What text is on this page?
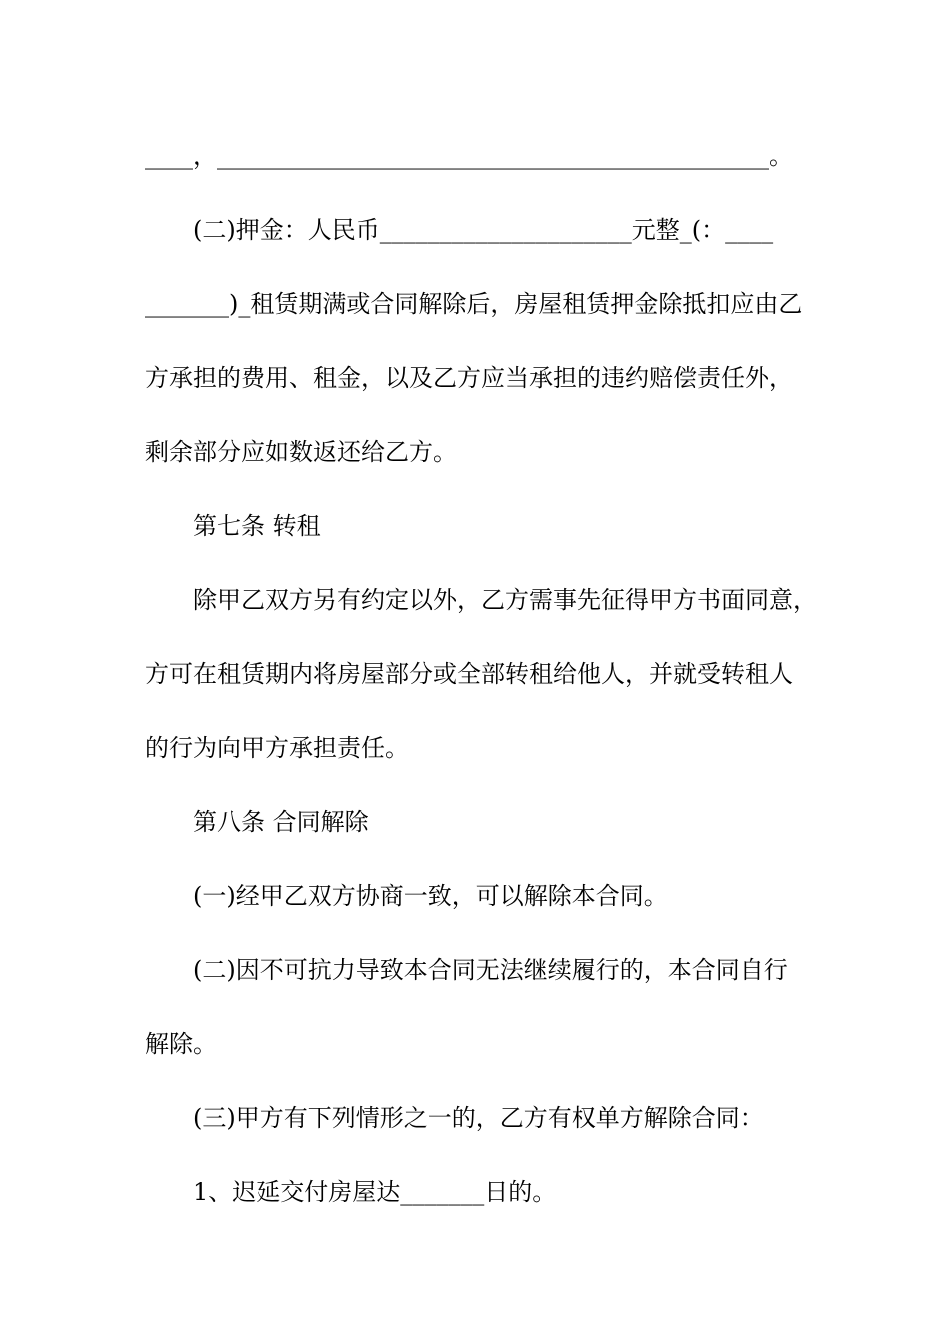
____，______________________________________________。
(二)押金：人民币_____________________元整_(：____
_______)_租赁期满或合同解除后，房屋租赁押金除抵扣应由乙
方承担的费用、租金，以及乙方应当承担的违约赔偿责任外，
剩余部分应如数返还给乙方。
第七条 转租
除甲乙双方另有约定以外，乙方需事先征得甲方书面同意，
方可在租赁期内将房屋部分或全部转租给他人，并就受转租人
的行为向甲方承担责任。
第八条 合同解除
(一)经甲乙双方协商一致，可以解除本合同。
(二)因不可抗力导致本合同无法继续履行的，本合同自行
解除。
(三)甲方有下列情形之一的，乙方有权单方解除合同：
1、迟延交付房屋达_______日的。
